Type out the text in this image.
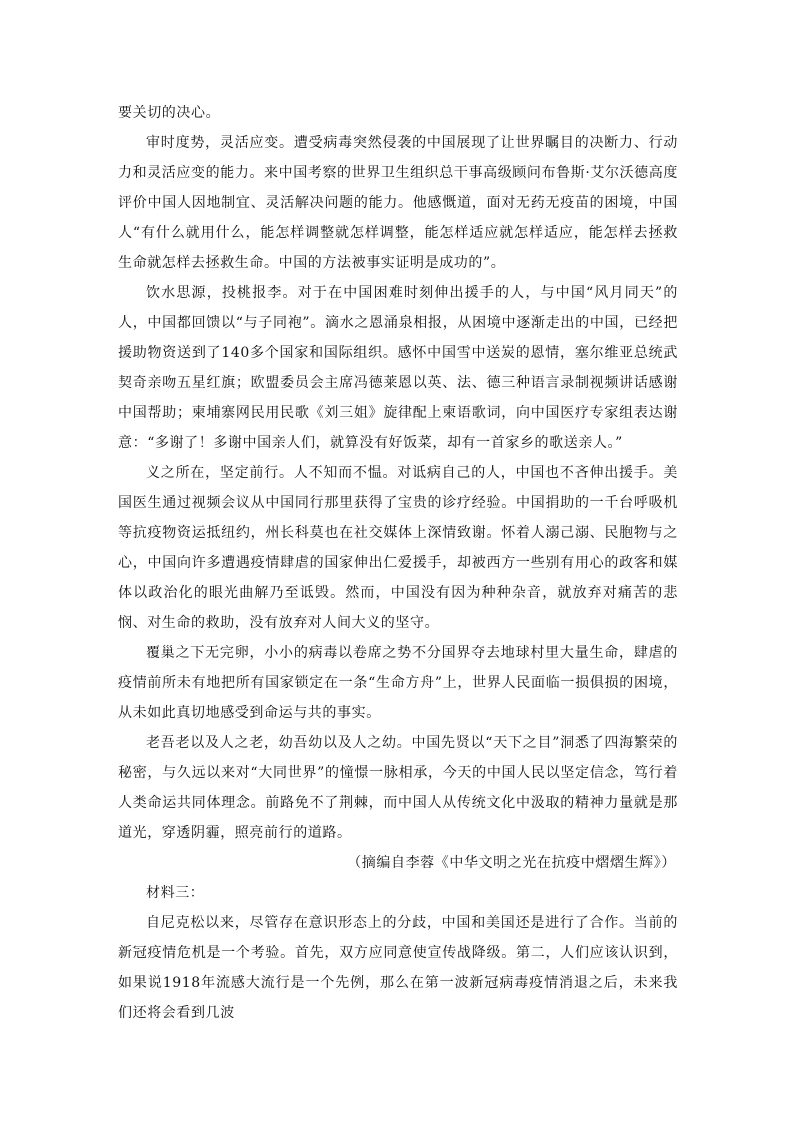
要关切的决心。

审时度势，灵活应变。遭受病毒突然侵袭的中国展现了让世界瞩目的决断力、行动力和灵活应变的能力。来中国考察的世界卫生组织总干事高级顾问布鲁斯·艾尔沃德高度评价中国人因地制宜、灵活解决问题的能力。他感慨道，面对无药无疫苗的困境，中国人“有什么就用什么，能怎样调整就怎样调整，能怎样适应就怎样适应，能怎样去拯救生命就怎样去拯救生命。中国的方法被事实证明是成功的”。

饮水思源，投桃报李。对于在中国困难时刻伸出援手的人，与中国“风月同天”的人，中国都回馈以“与子同袍”。滴水之恩涌泉相报，从困境中逐渐走出的中国，已经把援助物资送到了140多个国家和国际组织。感怀中国雪中送炭的恩情，塞尔维亚总统武契奇亲吻五星红旗；欧盟委员会主席冯德莱恩以英、法、德三种语言录制视频讲话感谢中国帮助；柬埔寨网民用民歌《刘三姐》旋律配上柬语歌词，向中国医疗专家组表达谢意：“多谢了！多谢中国亲人们，就算没有好饭菜，却有一首家乡的歌送亲人。”

义之所在，坚定前行。人不知而不愠。对诋病自己的人，中国也不吝伸出援手。美国医生通过视频会议从中国同行那里获得了宝贵的诊疗经验。中国捐助的一千台呼吸机等抗疫物资运抵纽约，州长科莫也在社交媒体上深情致谢。怀着人溺己溺、民胞物与之心，中国向许多遭遇疫情肆虐的国家伸出仁爱援手，却被西方一些别有用心的政客和媒体以政治化的眼光曲解乃至诋毁。然而，中国没有因为种种杂音，就放弃对痛苦的悲悯、对生命的救助，没有放弃对人间大义的坚守。

覆巢之下无完卵，小小的病毒以卷席之势不分国界夺去地球村里大量生命，肆虐的疫情前所未有地把所有国家锁定在一条“生命方舟”上，世界人民面临一损俱损的困境，从未如此真切地感受到命运与共的事实。

老吾老以及人之老，幼吾幼以及人之幼。中国先贤以“天下之目”洞悉了四海繁荣的秘密，与久远以来对“大同世界”的憧憬一脉相承，今天的中国人民以坚定信念，笃行着人类命运共同体理念。前路免不了荆棘，而中国人从传统文化中汲取的精神力量就是那道光，穿透阴霾，照亮前行的道路。

（摘编自李蓉《中华文明之光在抗疫中熠熠生辉》）

材料三：

自尼克松以来，尽管存在意识形态上的分歧，中国和美国还是进行了合作。当前的新冠疫情危机是一个考验。首先，双方应同意使宣传战降级。第二，人们应该认识到，如果说1918年流感大流行是一个先例，那么在第一波新冠病毒疫情消退之后，未来我们还将会看到几波
